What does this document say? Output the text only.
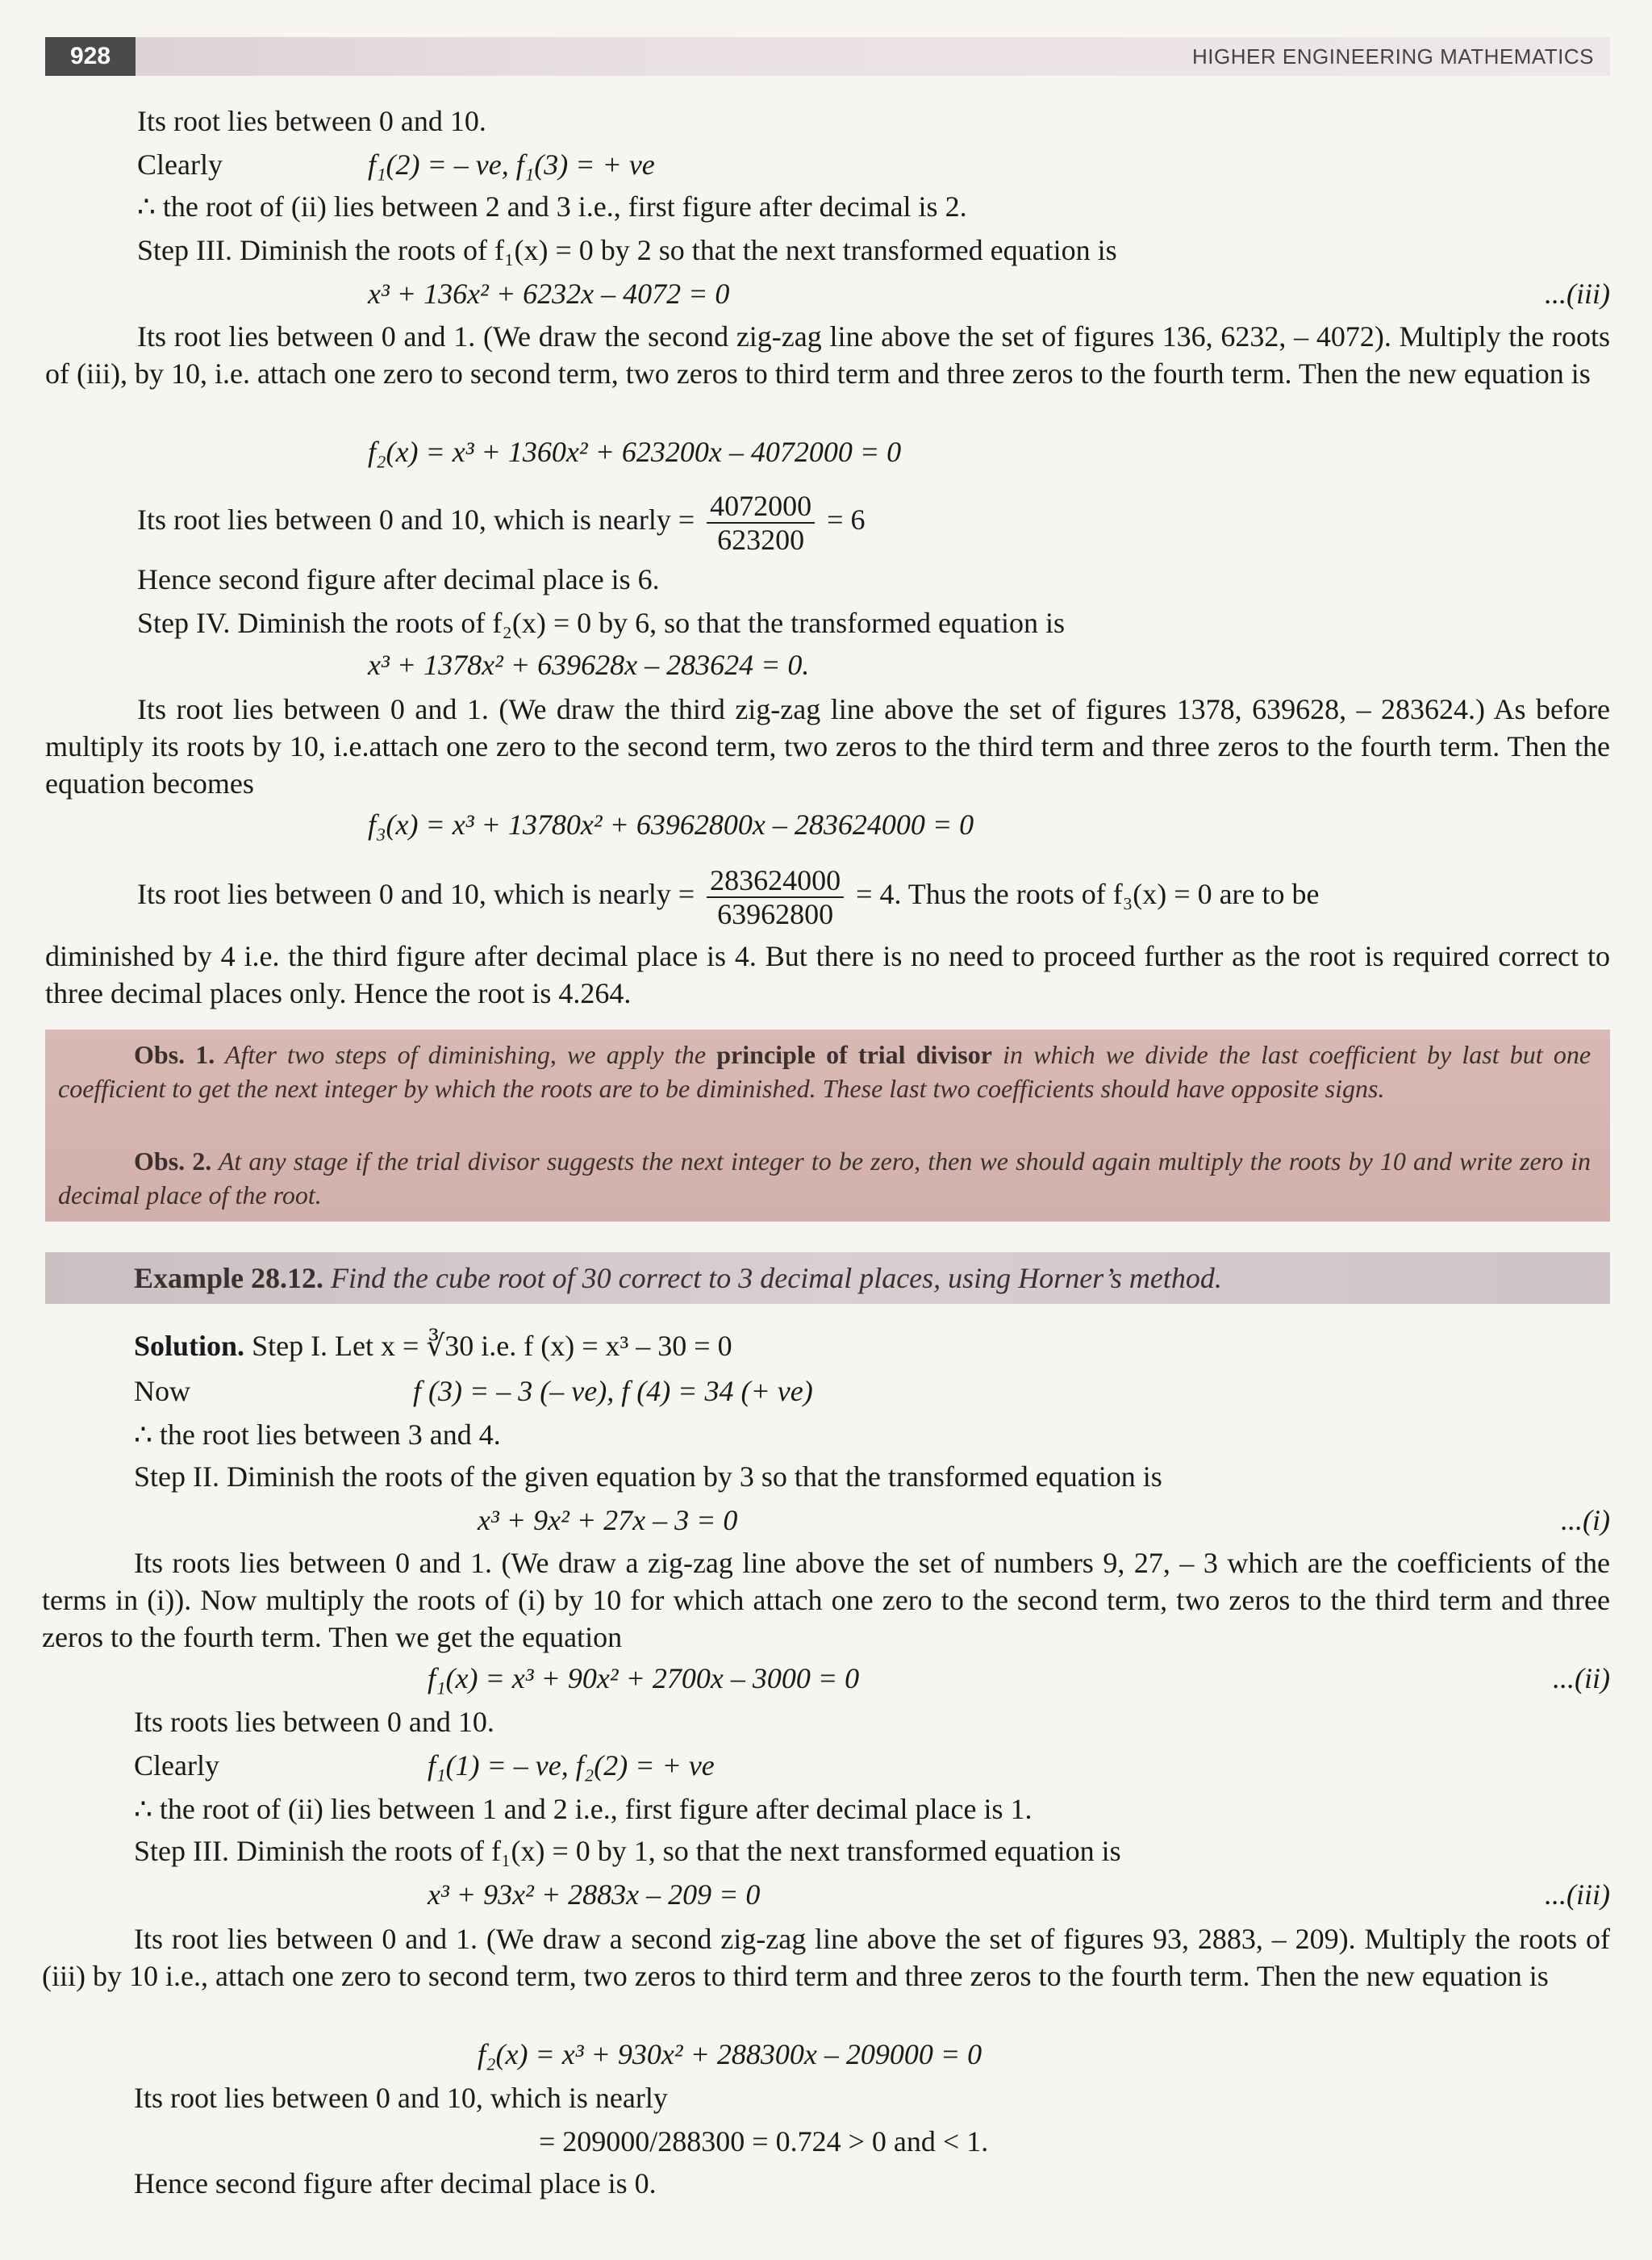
928	HIGHER ENGINEERING MATHEMATICS
Its root lies between 0 and 10.
Clearly	f₁(2) = – ve, f₁(3) = + ve
∴ the root of (ii) lies between 2 and 3 i.e., first figure after decimal is 2.
Step III. Diminish the roots of f₁(x) = 0 by 2 so that the next transformed equation is
x³ + 136x² + 6232x – 4072 = 0	...(iii)
Its root lies between 0 and 1. (We draw the second zig-zag line above the set of figures 136, 6232, – 4072). Multiply the roots of (iii), by 10, i.e. attach one zero to second term, two zeros to third term and three zeros to the fourth term. Then the new equation is
f₂(x) = x³ + 1360x² + 623200x – 4072000 = 0
Its root lies between 0 and 10, which is nearly = $\frac{4072000}{623200} = 6$
Hence second figure after decimal place is 6.
Step IV. Diminish the roots of f₂(x) = 0 by 6, so that the transformed equation is
x³ + 1378x² + 639628x – 283624 = 0.
Its root lies between 0 and 1. (We draw the third zig-zag line above the set of figures 1378, 639628, – 283624.) As before multiply its roots by 10, i.e.attach one zero to the second term, two zeros to the third term and three zeros to the fourth term. Then the equation becomes
f₃(x) = x³ + 13780x² + 63962800x – 283624000 = 0
Its root lies between 0 and 10, which is nearly = $\frac{283624000}{63962800} = 4$. Thus the roots of f₃(x) = 0 are to be
diminished by 4 i.e. the third figure after decimal place is 4. But there is no need to proceed further as the root is required correct to three decimal places only. Hence the root is 4.264.

Obs. 1. After two steps of diminishing, we apply the principle of trial divisor in which we divide the last coefficient by last but one coefficient to get the next integer by which the roots are to be diminished. These last two coefficients should have opposite signs.

Obs. 2. At any stage if the trial divisor suggests the next integer to be zero, then we should again multiply the roots by 10 and write zero in decimal place of the root.

Example 28.12. Find the cube root of 30 correct to 3 decimal places, using Horner’s method.
Solution. Step I. Let x = ∛30 i.e. f (x) = x³ – 30 = 0
Now	f (3) = – 3 (– ve), f (4) = 34 (+ ve)
∴ the root lies between 3 and 4.
Step II. Diminish the roots of the given equation by 3 so that the transformed equation is
x³ + 9x² + 27x – 3 = 0	...(i)
Its roots lies between 0 and 1. (We draw a zig-zag line above the set of numbers 9, 27, – 3 which are the coefficients of the terms in (i)). Now multiply the roots of (i) by 10 for which attach one zero to the second term, two zeros to the third term and three zeros to the fourth term. Then we get the equation
f₁(x) = x³ + 90x² + 2700x – 3000 = 0	...(ii)
Its roots lies between 0 and 10.
Clearly	f₁(1) = – ve, f₂(2) = + ve
∴ the root of (ii) lies between 1 and 2 i.e., first figure after decimal place is 1.
Step III. Diminish the roots of f₁(x) = 0 by 1, so that the next transformed equation is
x³ + 93x² + 2883x – 209 = 0	...(iii)
Its root lies between 0 and 1. (We draw a second zig-zag line above the set of figures 93, 2883, – 209). Multiply the roots of (iii) by 10 i.e., attach one zero to second term, two zeros to third term and three zeros to the fourth term. Then the new equation is
f₂(x) = x³ + 930x² + 288300x – 209000 = 0
Its root lies between 0 and 10, which is nearly
= 209000/288300 = 0.724 > 0 and < 1.
Hence second figure after decimal place is 0.
